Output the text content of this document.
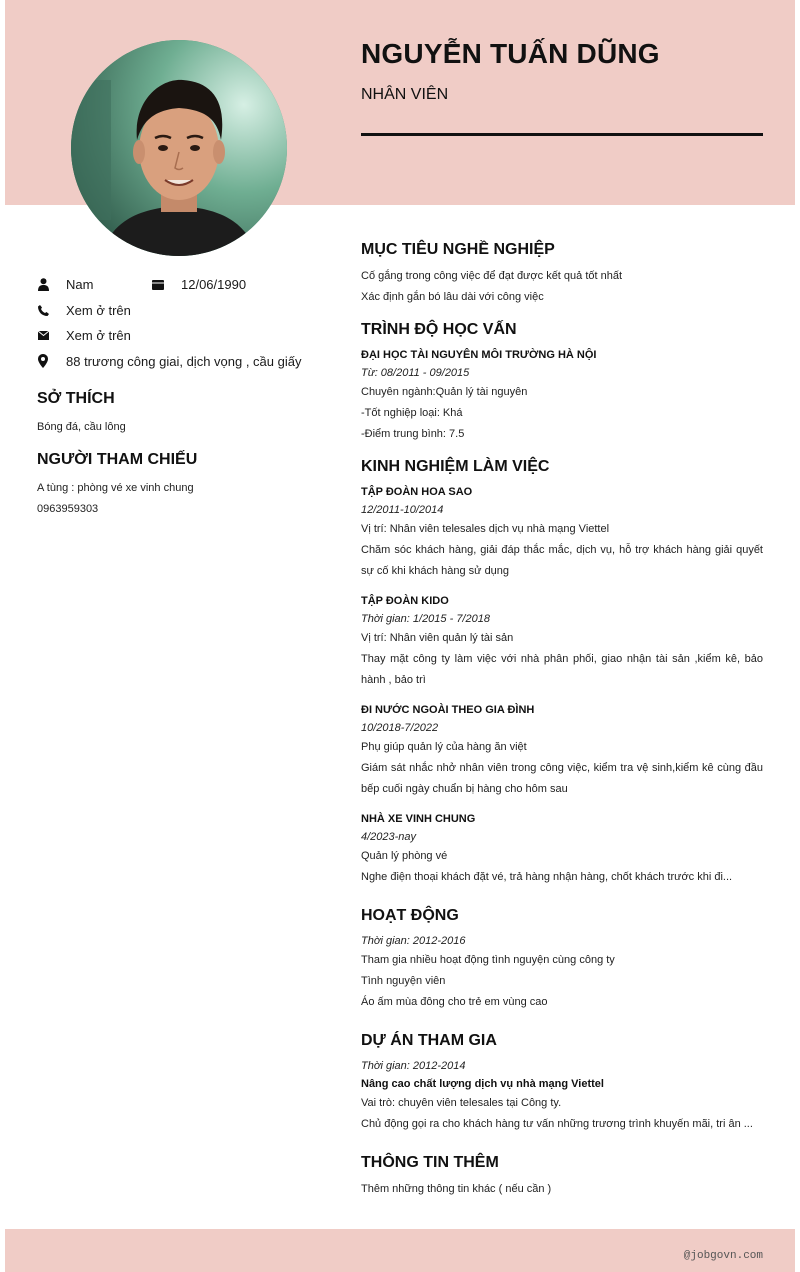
NGUYỄN TUẤN DŨNG
NHÂN VIÊN
Nam	12/06/1990
Xem ở trên
Xem ở trên
88 trương công giai, dịch vọng , cầu giấy
SỞ THÍCH
Bóng đá, cầu lông
NGƯỜI THAM CHIẾU
A tùng : phòng vé xe vinh chung
0963959303
MỤC TIÊU NGHỀ NGHIỆP
Cố gắng trong công việc để đạt được kết quả tốt nhất
Xác định gắn bó lâu dài với công việc
TRÌNH ĐỘ HỌC VẤN
ĐẠI HỌC TÀI NGUYÊN MÔI TRƯỜNG HÀ NỘI
Từ: 08/2011 - 09/2015
Chuyên ngành:Quản lý tài nguyên
-Tốt nghiệp loại: Khá
-Điểm trung bình: 7.5
KINH NGHIỆM LÀM VIỆC
TẬP ĐOÀN HOA SAO
12/2011-10/2014
Vị trí: Nhân viên telesales dịch vụ nhà mạng Viettel
Chăm sóc khách hàng, giải đáp thắc mắc, dịch vụ, hỗ trợ khách hàng giải quyết sự cố khi khách hàng sử dụng
TẬP ĐOÀN KIDO
Thời gian: 1/2015 - 7/2018
Vị trí: Nhân viên quản lý tài sản
Thay mặt công ty làm việc với nhà phân phối, giao nhận tài sản ,kiểm kê, bảo hành , bảo trì
ĐI NƯỚC NGOÀI THEO GIA ĐÌNH
10/2018-7/2022
Phụ giúp quản lý của hàng ăn việt
Giám sát nhắc nhở nhân viên trong công việc, kiểm tra vệ sinh,kiểm kê cùng đầu bếp cuối ngày chuẩn bị hàng cho hôm sau
NHÀ XE VINH CHUNG
4/2023-nay
Quản lý phòng vé
Nghe điện thoại khách đặt vé, trả hàng nhận hàng, chốt khách trước khi đi...
HOẠT ĐỘNG
Thời gian: 2012-2016
Tham gia nhiều hoạt động tình nguyện cùng công ty
Tình nguyện viên
Áo ấm mùa đông cho trẻ em vùng cao
DỰ ÁN THAM GIA
Thời gian: 2012-2014
Nâng cao chất lượng dịch vụ nhà mạng Viettel
Vai trò: chuyên viên telesales tại Công ty.
Chủ động gọi ra cho khách hàng tư vấn những trương trình khuyến mãi, tri ân ...
THÔNG TIN THÊM
Thêm những thông tin khác ( nếu cần )
@jobgovn.com
